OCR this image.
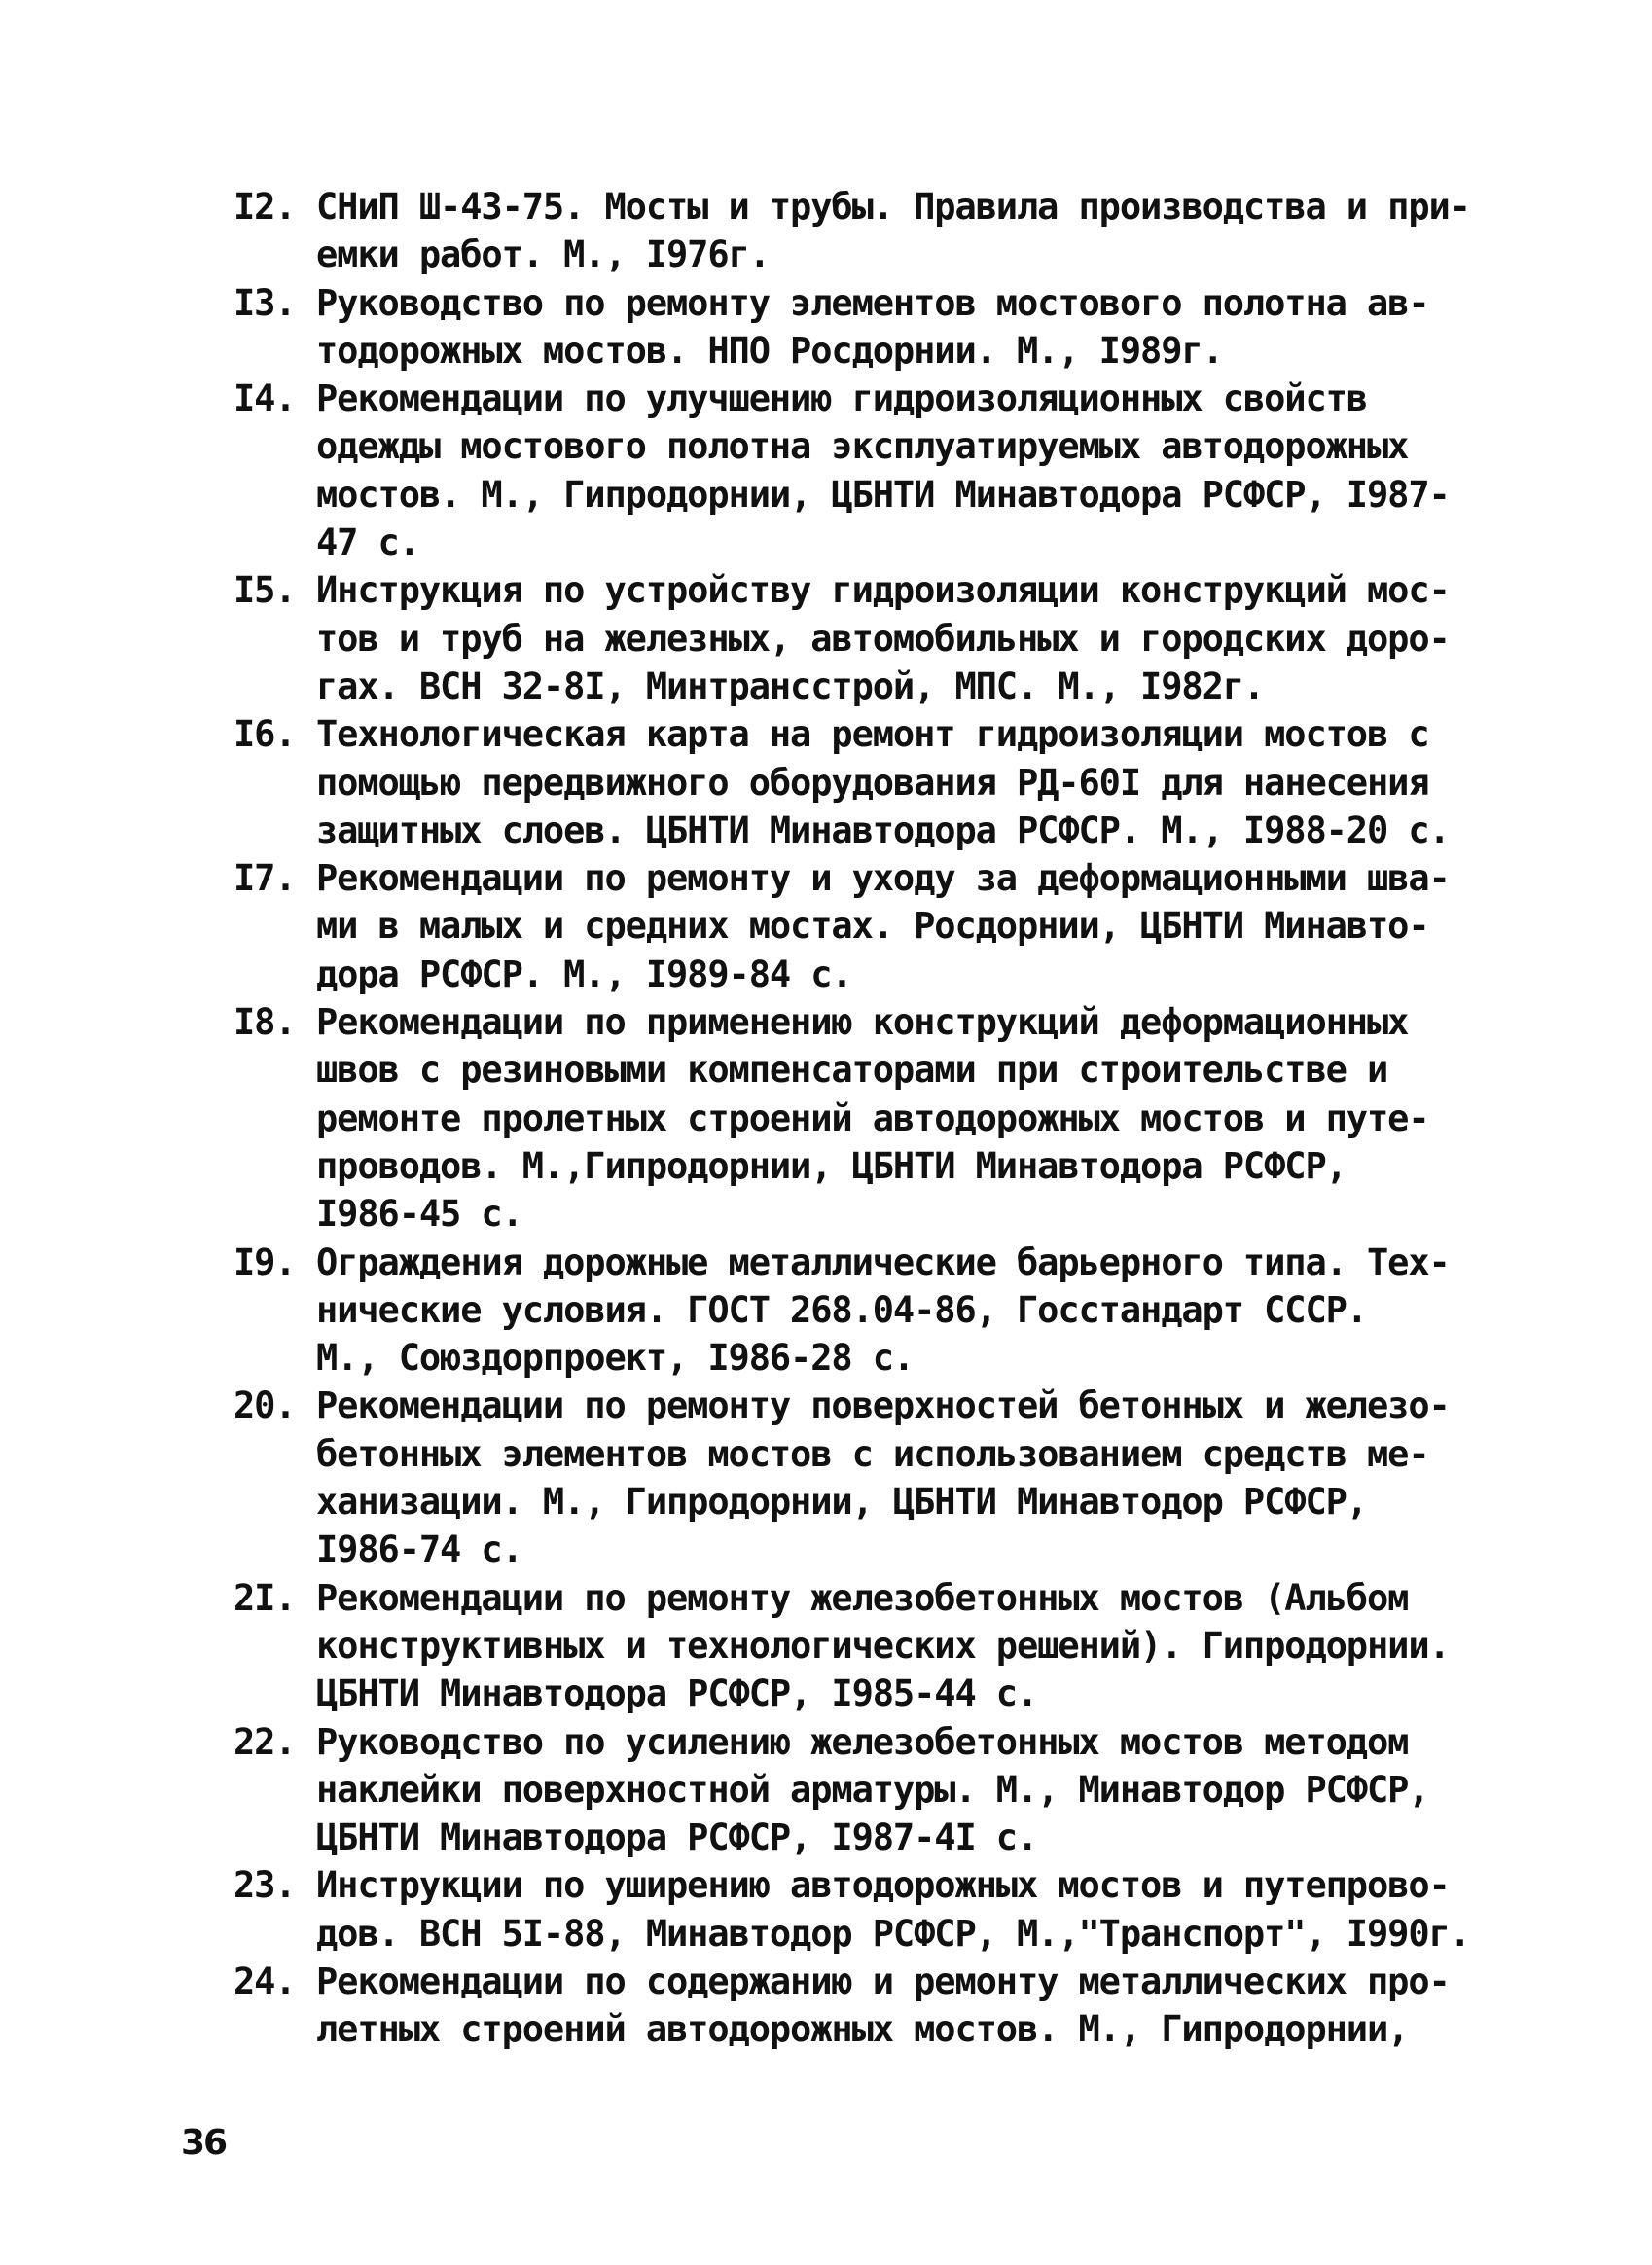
I2. СНиП Ш-43-75. Мосты и трубы. Правила производства и при-
емки работ. М., I976г.
I3. Руководство по ремонту элементов мостового полотна ав-
тодорожных мостов. НПО Росдорнии. М., I989г.
I4. Рекомендации по улучшению гидроизоляционных свойств
одежды мостового полотна эксплуатируемых автодорожных
мостов. М., Гипродорнии, ЦБНТИ Минавтодора РСФСР, I987-
47 с.
I5. Инструкция по устройству гидроизоляции конструкций мос-
тов и труб на железных, автомобильных и городских доро-
гах. ВСН 32-8I, Минтрансстрой, МПС. М., I982г.
I6. Технологическая карта на ремонт гидроизоляции мостов с
помощью передвижного оборудования РД-60I для нанесения
защитных слоев. ЦБНТИ Минавтодора РСФСР. М., I988-20 с.
I7. Рекомендации по ремонту и уходу за деформационными шва-
ми в малых и средних мостах. Росдорнии, ЦБНТИ Минавто-
дора РСФСР. М., I989-84 с.
I8. Рекомендации по применению конструкций деформационных
швов с резиновыми компенсаторами при строительстве и
ремонте пролетных строений автодорожных мостов и путе-
проводов. М.,Гипродорнии, ЦБНТИ Минавтодора РСФСР,
I986-45 с.
I9. Ограждения дорожные металлические барьерного типа. Тех-
нические условия. ГОСТ 268.04-86, Госстандарт СССР.
М., Союздорпроект, I986-28 с.
20. Рекомендации по ремонту поверхностей бетонных и железо-
бетонных элементов мостов с использованием средств ме-
ханизации. М., Гипродорнии, ЦБНТИ Минавтодор РСФСР,
I986-74 с.
2I. Рекомендации по ремонту железобетонных мостов (Альбом
конструктивных и технологических решений). Гипродорнии.
ЦБНТИ Минавтодора РСФСР, I985-44 с.
22. Руководство по усилению железобетонных мостов методом
наклейки поверхностной арматуры. М., Минавтодор РСФСР,
ЦБНТИ Минавтодора РСФСР, I987-4I с.
23. Инструкции по уширению автодорожных мостов и путепрово-
дов. ВСН 5I-88, Минавтодор РСФСР, М.,"Транспорт", I990г.
24. Рекомендации по содержанию и ремонту металлических про-
летных строений автодорожных мостов. М., Гипродорнии,
36
